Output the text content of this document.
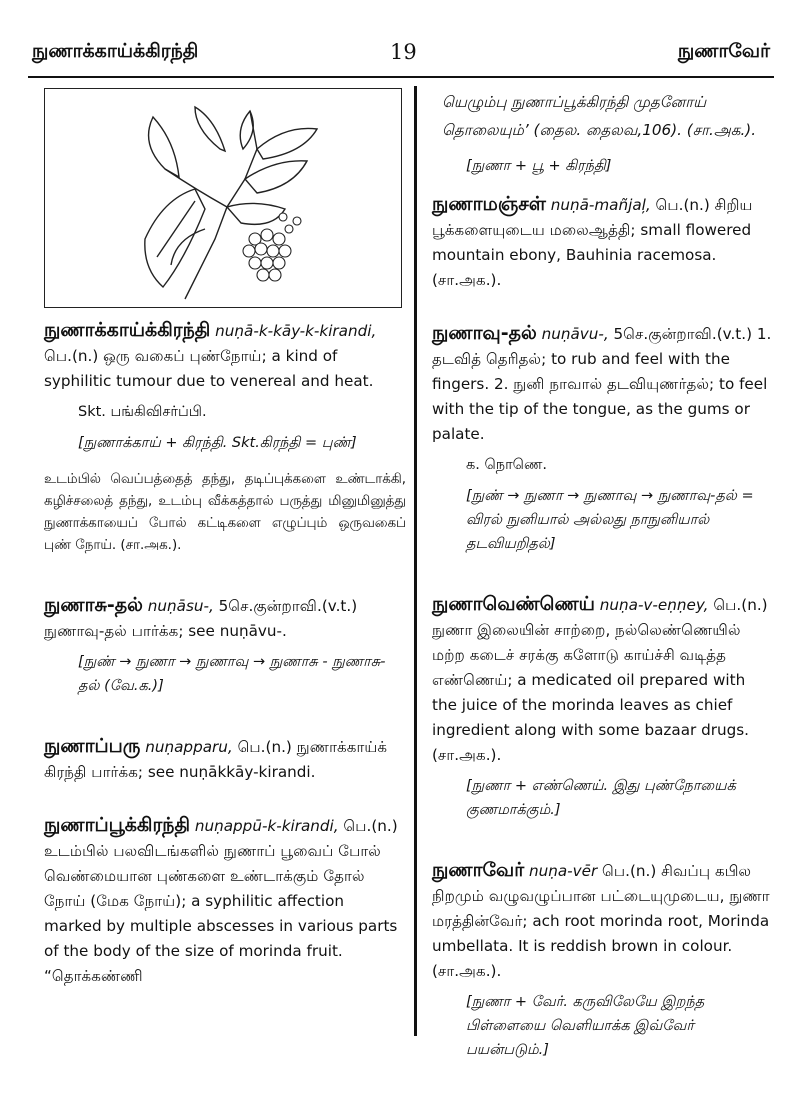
நுணாக்காய்க்கிரந்தி	19	நுணாவேர்
நுணாக்காய்க்கிரந்தி nuṇā-k-kāy-k-kirandi, பெ.(n.) ஒரு வகைப் புண்நோய்; a kind of syphilitic tumour due to venereal and heat.
Skt. பங்கிவிசர்ப்பி.
[நுணாக்காய் + கிரந்தி. Skt.கிரந்தி = புண்]
உடம்பில் வெப்பத்தைத் தந்து, தடிப்புக்களை உண்டாக்கி, கழிச்சலைத் தந்து, உடம்பு வீக்கத்தால் பருத்து மினுமினுத்து நுணாக்காயைப் போல் கட்டிகளை எழுப்பும் ஒருவகைப் புண் நோய். (சா.அக.).
நுணாசு-தல் nuṇāsu-, 5செ.குன்றாவி.(v.t.) நுணாவு-தல் பார்க்க; see nuṇāvu-.
[நுண் → நுணா → நுணாவு → நுணாசு - நுணாசு-தல் (வே.க.)]
நுணாப்பரு nuṇapparu, பெ.(n.) நுணாக்காய்க் கிரந்தி பார்க்க; see nuṇākkāy-kirandi.
நுணாப்பூக்கிரந்தி nuṇappū-k-kirandi, பெ.(n.) உடம்பில் பலவிடங்களில் நுணாப் பூவைப் போல் வெண்மையான புண்களை உண்டாக்கும் தோல் நோய் (மேக நோய்); a syphilitic affection marked by multiple abscesses in various parts of the body of the size of morinda fruit. “தொக்கண்ணி
யெழும்பு நுணாப்பூக்கிரந்தி முதனோய் தொலையும்’ (தைல. தைலவ,106). (சா.அக.).
[நுணா + பூ + கிரந்தி]
நுணாமஞ்சள் nuṇā-mañjaļ, பெ.(n.) சிறிய பூக்களையுடைய மலைஆத்தி; small flowered mountain ebony, Bauhinia racemosa. (சா.அக.).
நுணாவு-தல் nuṇāvu-, 5செ.குன்றாவி.(v.t.) 1. தடவித் தெரிதல்; to rub and feel with the fingers. 2. நுனி நாவால் தடவியுணர்தல்; to feel with the tip of the tongue, as the gums or palate.
க. நொணெ.
[நுண் → நுணா → நுணாவு → நுணாவு-தல் = விரல் நுனியால் அல்லது நாநுனியால் தடவியறிதல்]
நுணாவெண்ணெய் nuṇa-v-eṇṇey, பெ.(n.) நுணா இலையின் சாற்றை, நல்லெண்ணெயில் மற்ற கடைச் சரக்கு களோடு காய்ச்சி வடித்த எண்ணெய்; a medicated oil prepared with the juice of the morinda leaves as chief ingredient along with some bazaar drugs. (சா.அக.).
[நுணா + எண்ணெய். இது புண்நோயைக் குணமாக்கும்.]
நுணாவேர் nuṇa-vēr பெ.(n.) சிவப்பு கபில நிறமும் வழுவழுப்பான பட்டையுமுடைய, நுணா மரத்தின்வேர்; ach root morinda root, Morinda umbellata. It is reddish brown in colour. (சா.அக.).
[நுணா + வேர். கருவிலேயே இறந்த பிள்ளையை வெளியாக்க இவ்வேர் பயன்படும்.]
